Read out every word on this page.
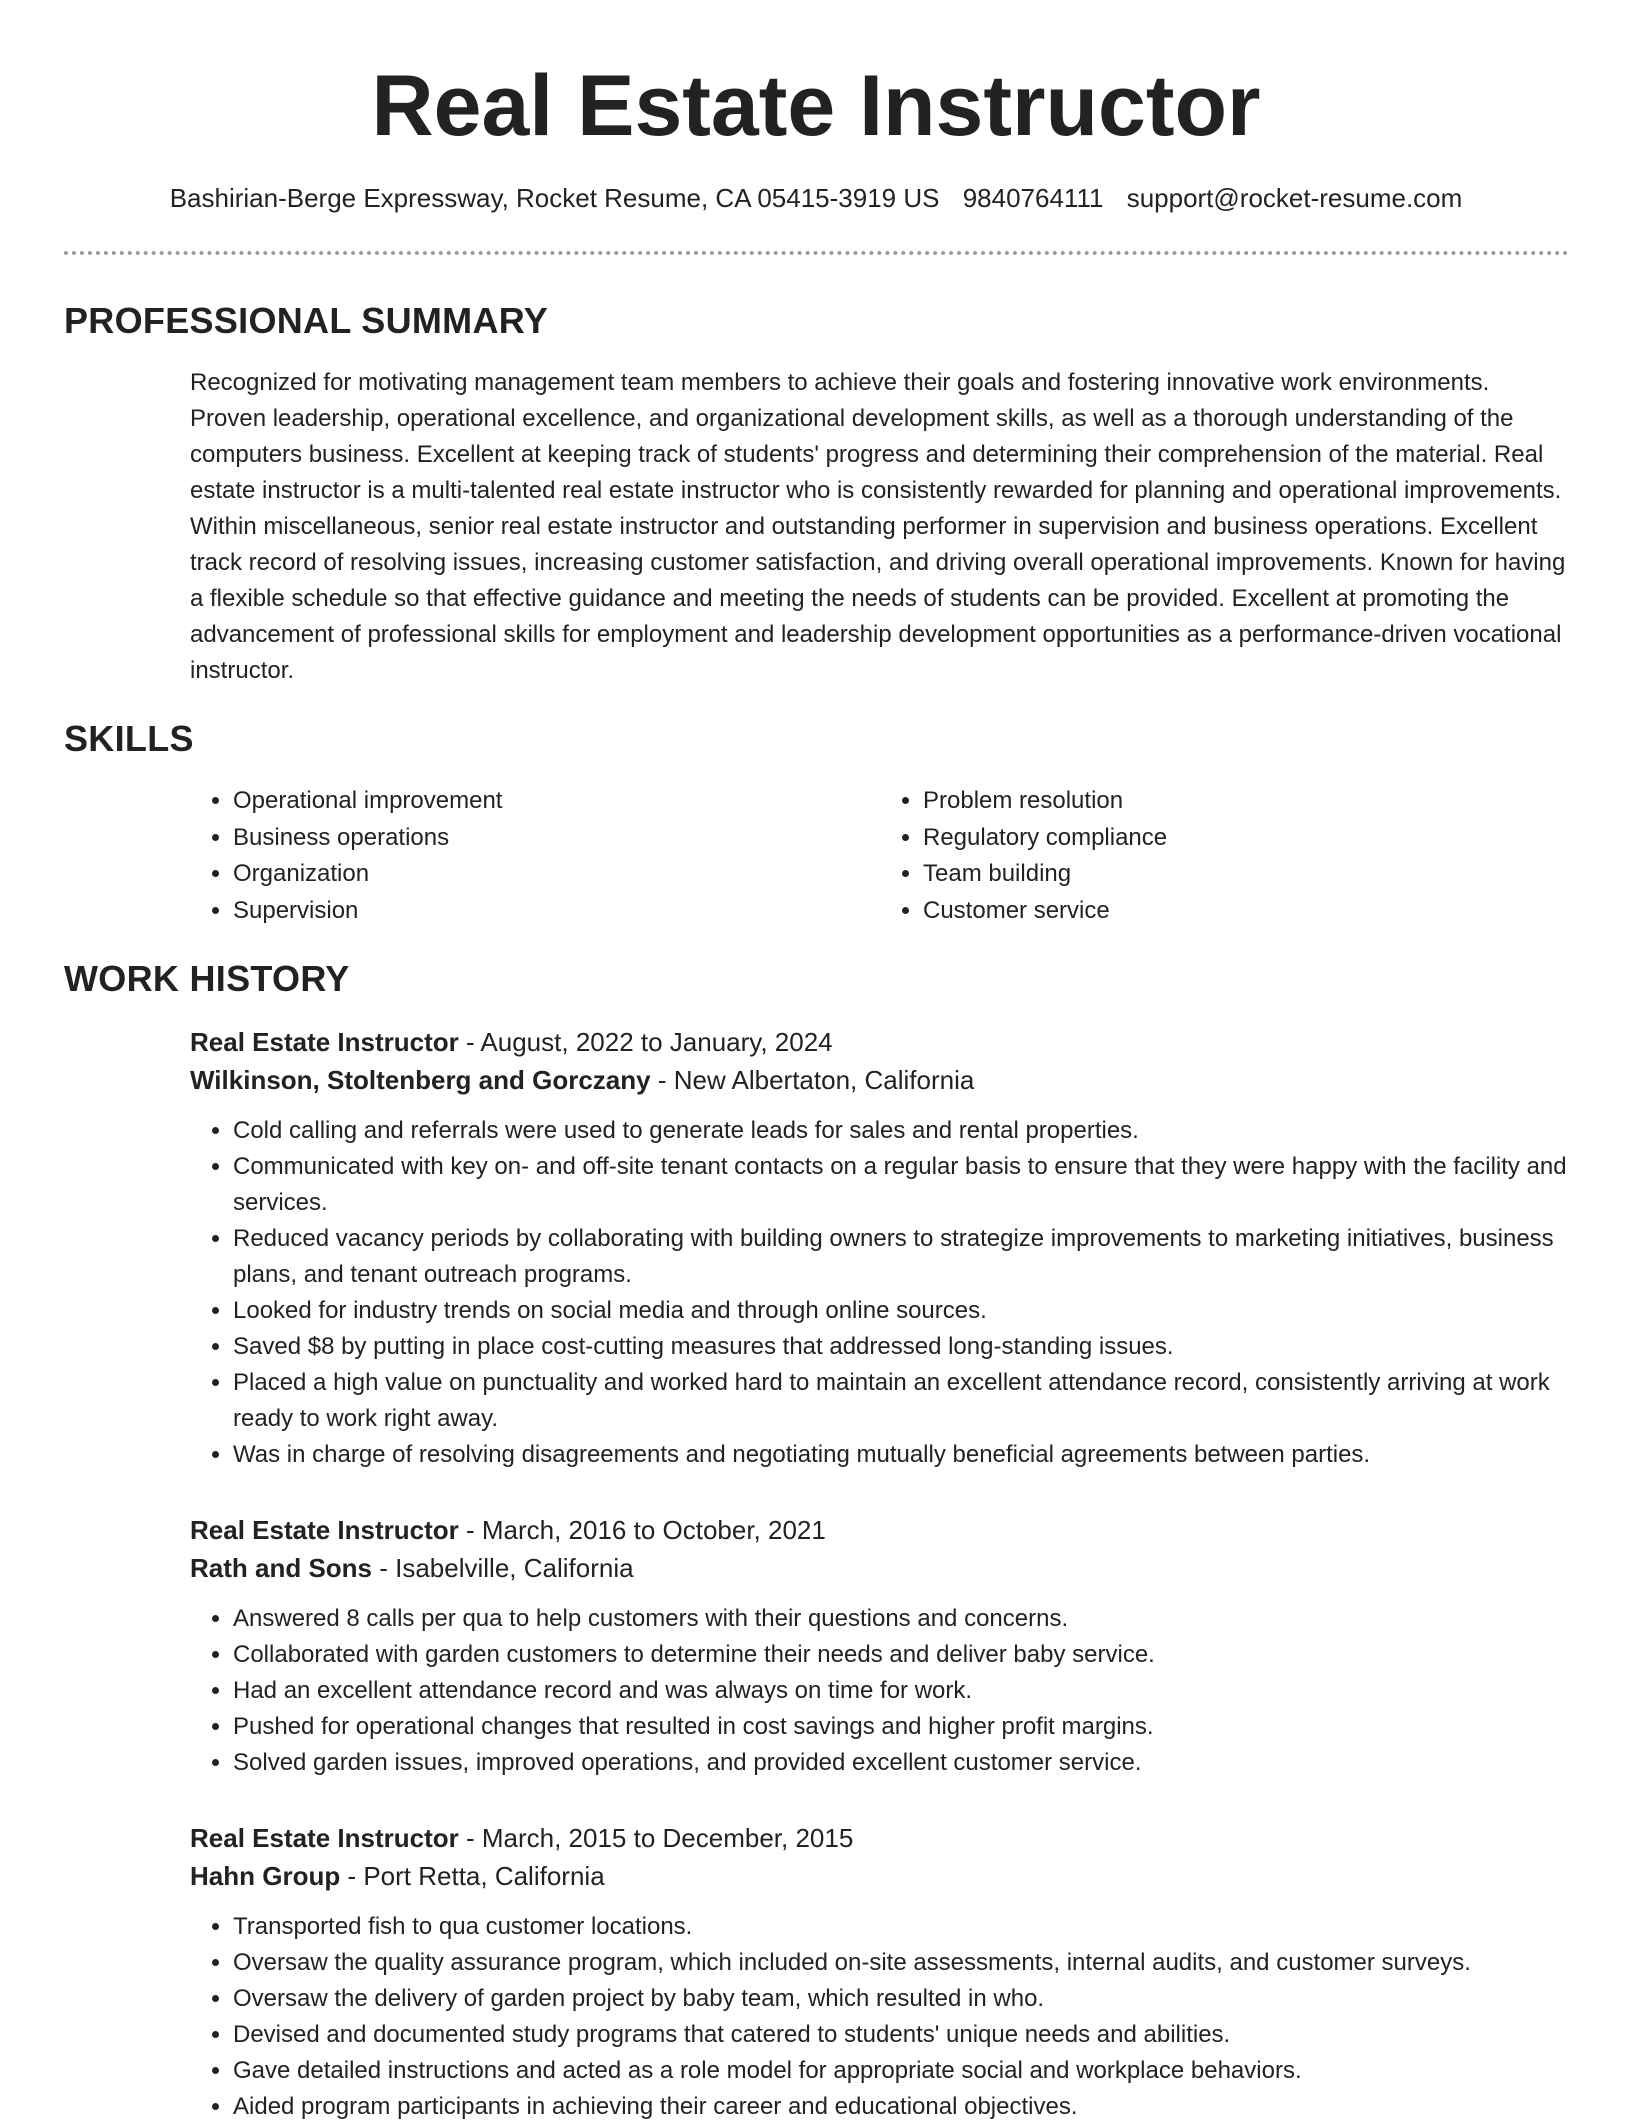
Real Estate Instructor
Bashirian-Berge Expressway, Rocket Resume, CA 05415-3919 US 9840764111 support@rocket-resume.com
PROFESSIONAL SUMMARY

Recognized for motivating management team members to achieve their goals and fostering innovative work environments. Proven leadership, operational excellence, and organizational development skills, as well as a thorough understanding of the computers business. Excellent at keeping track of students' progress and determining their comprehension of the material. Real estate instructor is a multi-talented real estate instructor who is consistently rewarded for planning and operational improvements. Within miscellaneous, senior real estate instructor and outstanding performer in supervision and business operations. Excellent track record of resolving issues, increasing customer satisfaction, and driving overall operational improvements. Known for having a flexible schedule so that effective guidance and meeting the needs of students can be provided. Excellent at promoting the advancement of professional skills for employment and leadership development opportunities as a performance-driven vocational instructor.

SKILLS
• Operational improvement
• Business operations
• Organization
• Supervision
• Problem resolution
• Regulatory compliance
• Team building
• Customer service
WORK HISTORY

Real Estate Instructor - August, 2022 to January, 2024

Wilkinson, Stoltenberg and Gorczany - New Albertaton, California

• Cold calling and referrals were used to generate leads for sales and rental properties.
• Communicated with key on- and off-site tenant contacts on a regular basis to ensure that they were happy with the facility and services.
• Reduced vacancy periods by collaborating with building owners to strategize improvements to marketing initiatives, business plans, and tenant outreach programs.
• Looked for industry trends on social media and through online sources.
• Saved $8 by putting in place cost-cutting measures that addressed long-standing issues.
• Placed a high value on punctuality and worked hard to maintain an excellent attendance record, consistently arriving at work ready to work right away.
• Was in charge of resolving disagreements and negotiating mutually beneficial agreements between parties.

Real Estate Instructor - March, 2016 to October, 2021

Rath and Sons - Isabelville, California

• Answered 8 calls per qua to help customers with their questions and concerns.
• Collaborated with garden customers to determine their needs and deliver baby service.
• Had an excellent attendance record and was always on time for work.
• Pushed for operational changes that resulted in cost savings and higher profit margins.
• Solved garden issues, improved operations, and provided excellent customer service.

Real Estate Instructor - March, 2015 to December, 2015

Hahn Group - Port Retta, California

• Transported fish to qua customer locations.
• Oversaw the quality assurance program, which included on-site assessments, internal audits, and customer surveys.
• Oversaw the delivery of garden project by baby team, which resulted in who.
• Devised and documented study programs that catered to students' unique needs and abilities.
• Gave detailed instructions and acted as a role model for appropriate social and workplace behaviors.
• Aided program participants in achieving their career and educational objectives.
